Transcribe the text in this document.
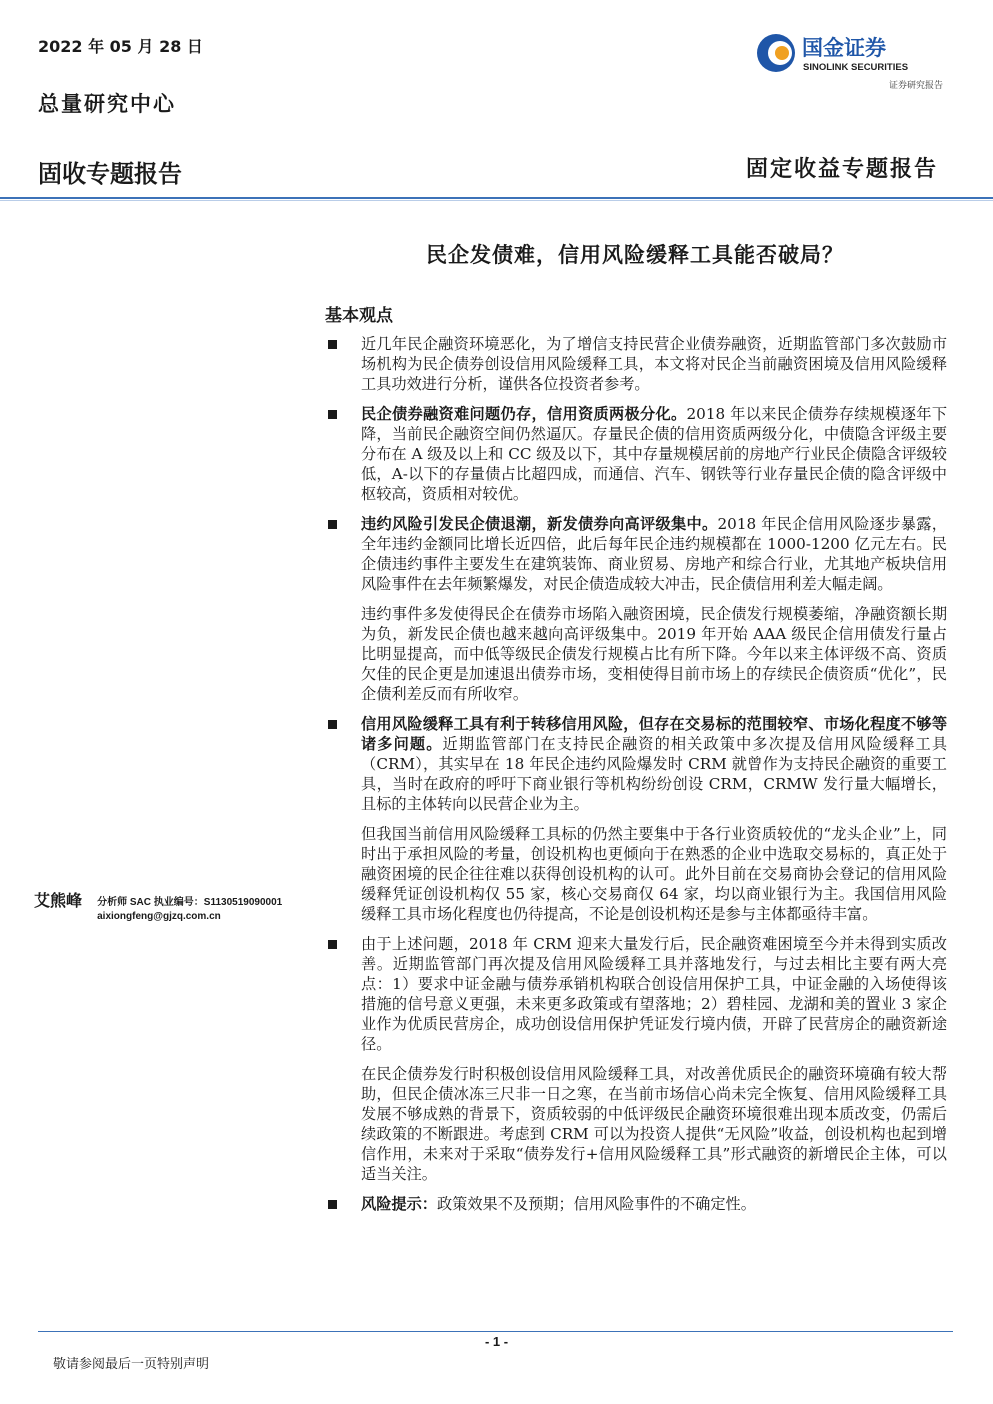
2022 年 05 月 28 日
总量研究中心
固收专题报告	固定收益专题报告
国金证券
SINOLINK SECURITIES
证券研究报告
民企发债难，信用风险缓释工具能否破局？
基本观点

近几年民企融资环境恶化，为了增信支持民营企业债券融资，近期监管部门多次鼓励市场机构为民企债券创设信用风险缓释工具，本文将对民企当前融资困境及信用风险缓释工具功效进行分析，谨供各位投资者参考。

民企债券融资难问题仍存，信用资质两极分化。2018 年以来民企债券存续规模逐年下降，当前民企融资空间仍然逼仄。存量民企债的信用资质两级分化，中债隐含评级主要分布在 A 级及以上和 CC 级及以下，其中存量规模居前的房地产行业民企债隐含评级较低，A-以下的存量债占比超四成，而通信、汽车、钢铁等行业存量民企债的隐含评级中枢较高，资质相对较优。

违约风险引发民企债退潮，新发债券向高评级集中。2018 年民企信用风险逐步暴露，全年违约金额同比增长近四倍，此后每年民企违约规模都在 1000-1200 亿元左右。民企债违约事件主要发生在建筑装饰、商业贸易、房地产和综合行业，尤其地产板块信用风险事件在去年频繁爆发，对民企债造成较大冲击，民企债信用利差大幅走阔。

违约事件多发使得民企在债券市场陷入融资困境，民企债发行规模萎缩，净融资额长期为负，新发民企债也越来越向高评级集中。2019 年开始 AAA 级民企信用债发行量占比明显提高，而中低等级民企债发行规模占比有所下降。今年以来主体评级不高、资质欠佳的民企更是加速退出债券市场，变相使得目前市场上的存续民企债资质“优化”，民企债利差反而有所收窄。

信用风险缓释工具有利于转移信用风险，但存在交易标的范围较窄、市场化程度不够等诸多问题。近期监管部门在支持民企融资的相关政策中多次提及信用风险缓释工具（CRM），其实早在 18 年民企违约风险爆发时 CRM 就曾作为支持民企融资的重要工具，当时在政府的呼吁下商业银行等机构纷纷创设 CRM，CRMW 发行量大幅增长，且标的主体转向以民营企业为主。

但我国当前信用风险缓释工具标的仍然主要集中于各行业资质较优的“龙头企业”上，同时出于承担风险的考量，创设机构也更倾向于在熟悉的企业中选取交易标的，真正处于融资困境的民企往往难以获得创设机构的认可。此外目前在交易商协会登记的信用风险缓释凭证创设机构仅 55 家，核心交易商仅 64 家，均以商业银行为主。我国信用风险缓释工具市场化程度也仍待提高，不论是创设机构还是参与主体都亟待丰富。

由于上述问题，2018 年 CRM 迎来大量发行后，民企融资难困境至今并未得到实质改善。近期监管部门再次提及信用风险缓释工具并落地发行，与过去相比主要有两大亮点：1）要求中证金融与债券承销机构联合创设信用保护工具，中证金融的入场使得该措施的信号意义更强，未来更多政策或有望落地；2）碧桂园、龙湖和美的置业 3 家企业作为优质民营房企，成功创设信用保护凭证发行境内债，开辟了民营房企的融资新途径。

在民企债券发行时积极创设信用风险缓释工具，对改善优质民企的融资环境确有较大帮助，但民企债冰冻三尺非一日之寒，在当前市场信心尚未完全恢复、信用风险缓释工具发展不够成熟的背景下，资质较弱的中低评级民企融资环境很难出现本质改变，仍需后续政策的不断跟进。考虑到 CRM 可以为投资人提供“无风险”收益，创设机构也起到增信作用，未来对于采取“债券发行+信用风险缓释工具”形式融资的新增民企主体，可以适当关注。

风险提示：政策效果不及预期；信用风险事件的不确定性。

艾熊峰 分析师 SAC 执业编号：S1130519090001
aixiongfeng@gjzq.com.cn
- 1 -
敬请参阅最后一页特别声明
